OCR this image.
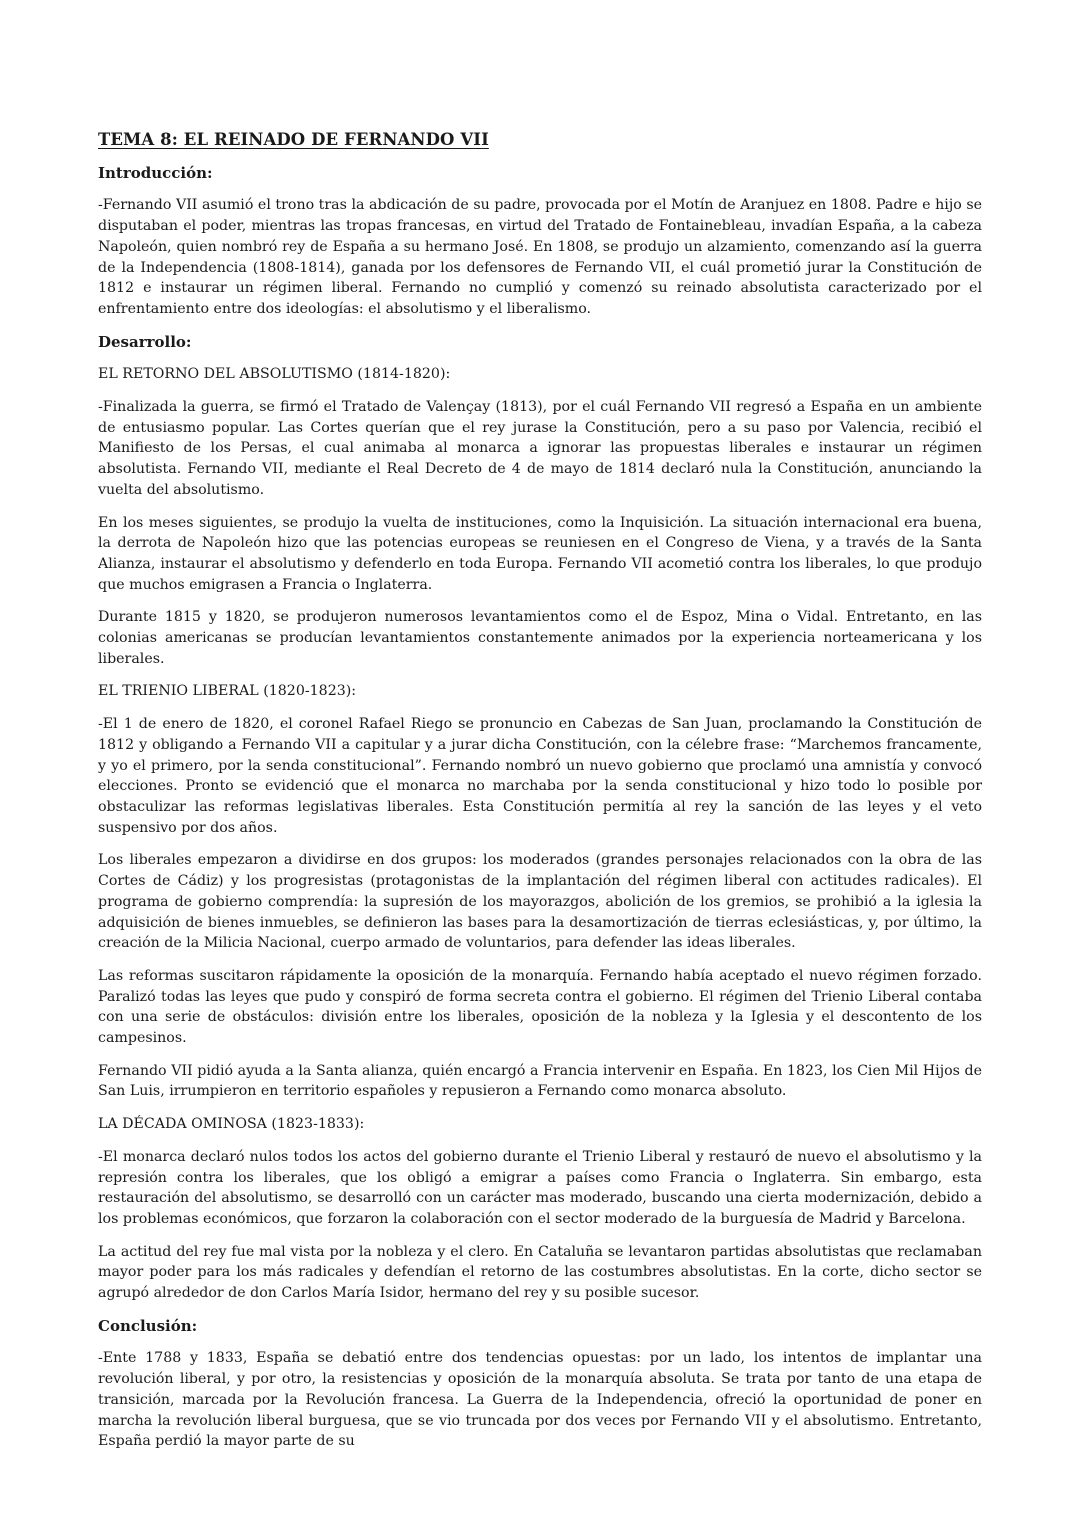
TEMA 8: EL REINADO DE FERNANDO VII
Introducción:

-Fernando VII asumió el trono tras la abdicación de su padre, provocada por el Motín de Aranjuez en 1808. Padre e hijo se disputaban el poder, mientras las tropas francesas, en virtud del Tratado de Fontainebleau, invadían España, a la cabeza Napoleón, quien nombró rey de España a su hermano José. En 1808, se produjo un alzamiento, comenzando así la guerra de la Independencia (1808-1814), ganada por los defensores de Fernando VII, el cuál prometió jurar la Constitución de 1812 e instaurar un régimen liberal. Fernando no cumplió y comenzó su reinado absolutista caracterizado por el enfrentamiento entre dos ideologías: el absolutismo y el liberalismo.

Desarrollo:
EL RETORNO DEL ABSOLUTISMO (1814-1820):

-Finalizada la guerra, se firmó el Tratado de Valençay (1813), por el cuál Fernando VII regresó a España en un ambiente de entusiasmo popular. Las Cortes querían que el rey jurase la Constitución, pero a su paso por Valencia, recibió el Manifiesto de los Persas, el cual animaba al monarca a ignorar las propuestas liberales e instaurar un régimen absolutista. Fernando VII, mediante el Real Decreto de 4 de mayo de 1814 declaró nula la Constitución, anunciando la vuelta del absolutismo.

En los meses siguientes, se produjo la vuelta de instituciones, como la Inquisición. La situación internacional era buena, la derrota de Napoleón hizo que las potencias europeas se reuniesen en el Congreso de Viena, y a través de la Santa Alianza, instaurar el absolutismo y defenderlo en toda Europa. Fernando VII acometió contra los liberales, lo que produjo que muchos emigrasen a Francia o Inglaterra.

Durante 1815 y 1820, se produjeron numerosos levantamientos como el de Espoz, Mina o Vidal. Entretanto, en las colonias americanas se producían levantamientos constantemente animados por la experiencia norteamericana y los liberales.

EL TRIENIO LIBERAL (1820-1823):

-El 1 de enero de 1820, el coronel Rafael Riego se pronuncio en Cabezas de San Juan, proclamando la Constitución de 1812 y obligando a Fernando VII a capitular y a jurar dicha Constitución, con la célebre frase: “Marchemos francamente, y yo el primero, por la senda constitucional”. Fernando nombró un nuevo gobierno que proclamó una amnistía y convocó elecciones. Pronto se evidenció que el monarca no marchaba por la senda constitucional y hizo todo lo posible por obstaculizar las reformas legislativas liberales. Esta Constitución permitía al rey la sanción de las leyes y el veto suspensivo por dos años.

Los liberales empezaron a dividirse en dos grupos: los moderados (grandes personajes relacionados con la obra de las Cortes de Cádiz) y los progresistas (protagonistas de la implantación del régimen liberal con actitudes radicales). El programa de gobierno comprendía: la supresión de los mayorazgos, abolición de los gremios, se prohibió a la iglesia la adquisición de bienes inmuebles, se definieron las bases para la desamortización de tierras eclesiásticas, y, por último, la creación de la Milicia Nacional, cuerpo armado de voluntarios, para defender las ideas liberales.

Las reformas suscitaron rápidamente la oposición de la monarquía. Fernando había aceptado el nuevo régimen forzado. Paralizó todas las leyes que pudo y conspiró de forma secreta contra el gobierno. El régimen del Trienio Liberal contaba con una serie de obstáculos: división entre los liberales, oposición de la nobleza y la Iglesia y el descontento de los campesinos.

Fernando VII pidió ayuda a la Santa alianza, quién encargó a Francia intervenir en España. En 1823, los Cien Mil Hijos de San Luis, irrumpieron en territorio españoles y repusieron a Fernando como monarca absoluto.

LA DÉCADA OMINOSA (1823-1833):

-El monarca declaró nulos todos los actos del gobierno durante el Trienio Liberal y restauró de nuevo el absolutismo y la represión contra los liberales, que los obligó a emigrar a países como Francia o Inglaterra. Sin embargo, esta restauración del absolutismo, se desarrolló con un carácter mas moderado, buscando una cierta modernización, debido a los problemas económicos, que forzaron la colaboración con el sector moderado de la burguesía de Madrid y Barcelona.

La actitud del rey fue mal vista por la nobleza y el clero. En Cataluña se levantaron partidas absolutistas que reclamaban mayor poder para los más radicales y defendían el retorno de las costumbres absolutistas. En la corte, dicho sector se agrupó alrededor de don Carlos María Isidor, hermano del rey y su posible sucesor.

Conclusión:

-Ente 1788 y 1833, España se debatió entre dos tendencias opuestas: por un lado, los intentos de implantar una revolución liberal, y por otro, la resistencias y oposición de la monarquía absoluta. Se trata por tanto de una etapa de transición, marcada por la Revolución francesa. La Guerra de la Independencia, ofreció la oportunidad de poner en marcha la revolución liberal burguesa, que se vio truncada por dos veces por Fernando VII y el absolutismo. Entretanto, España perdió la mayor parte de su
